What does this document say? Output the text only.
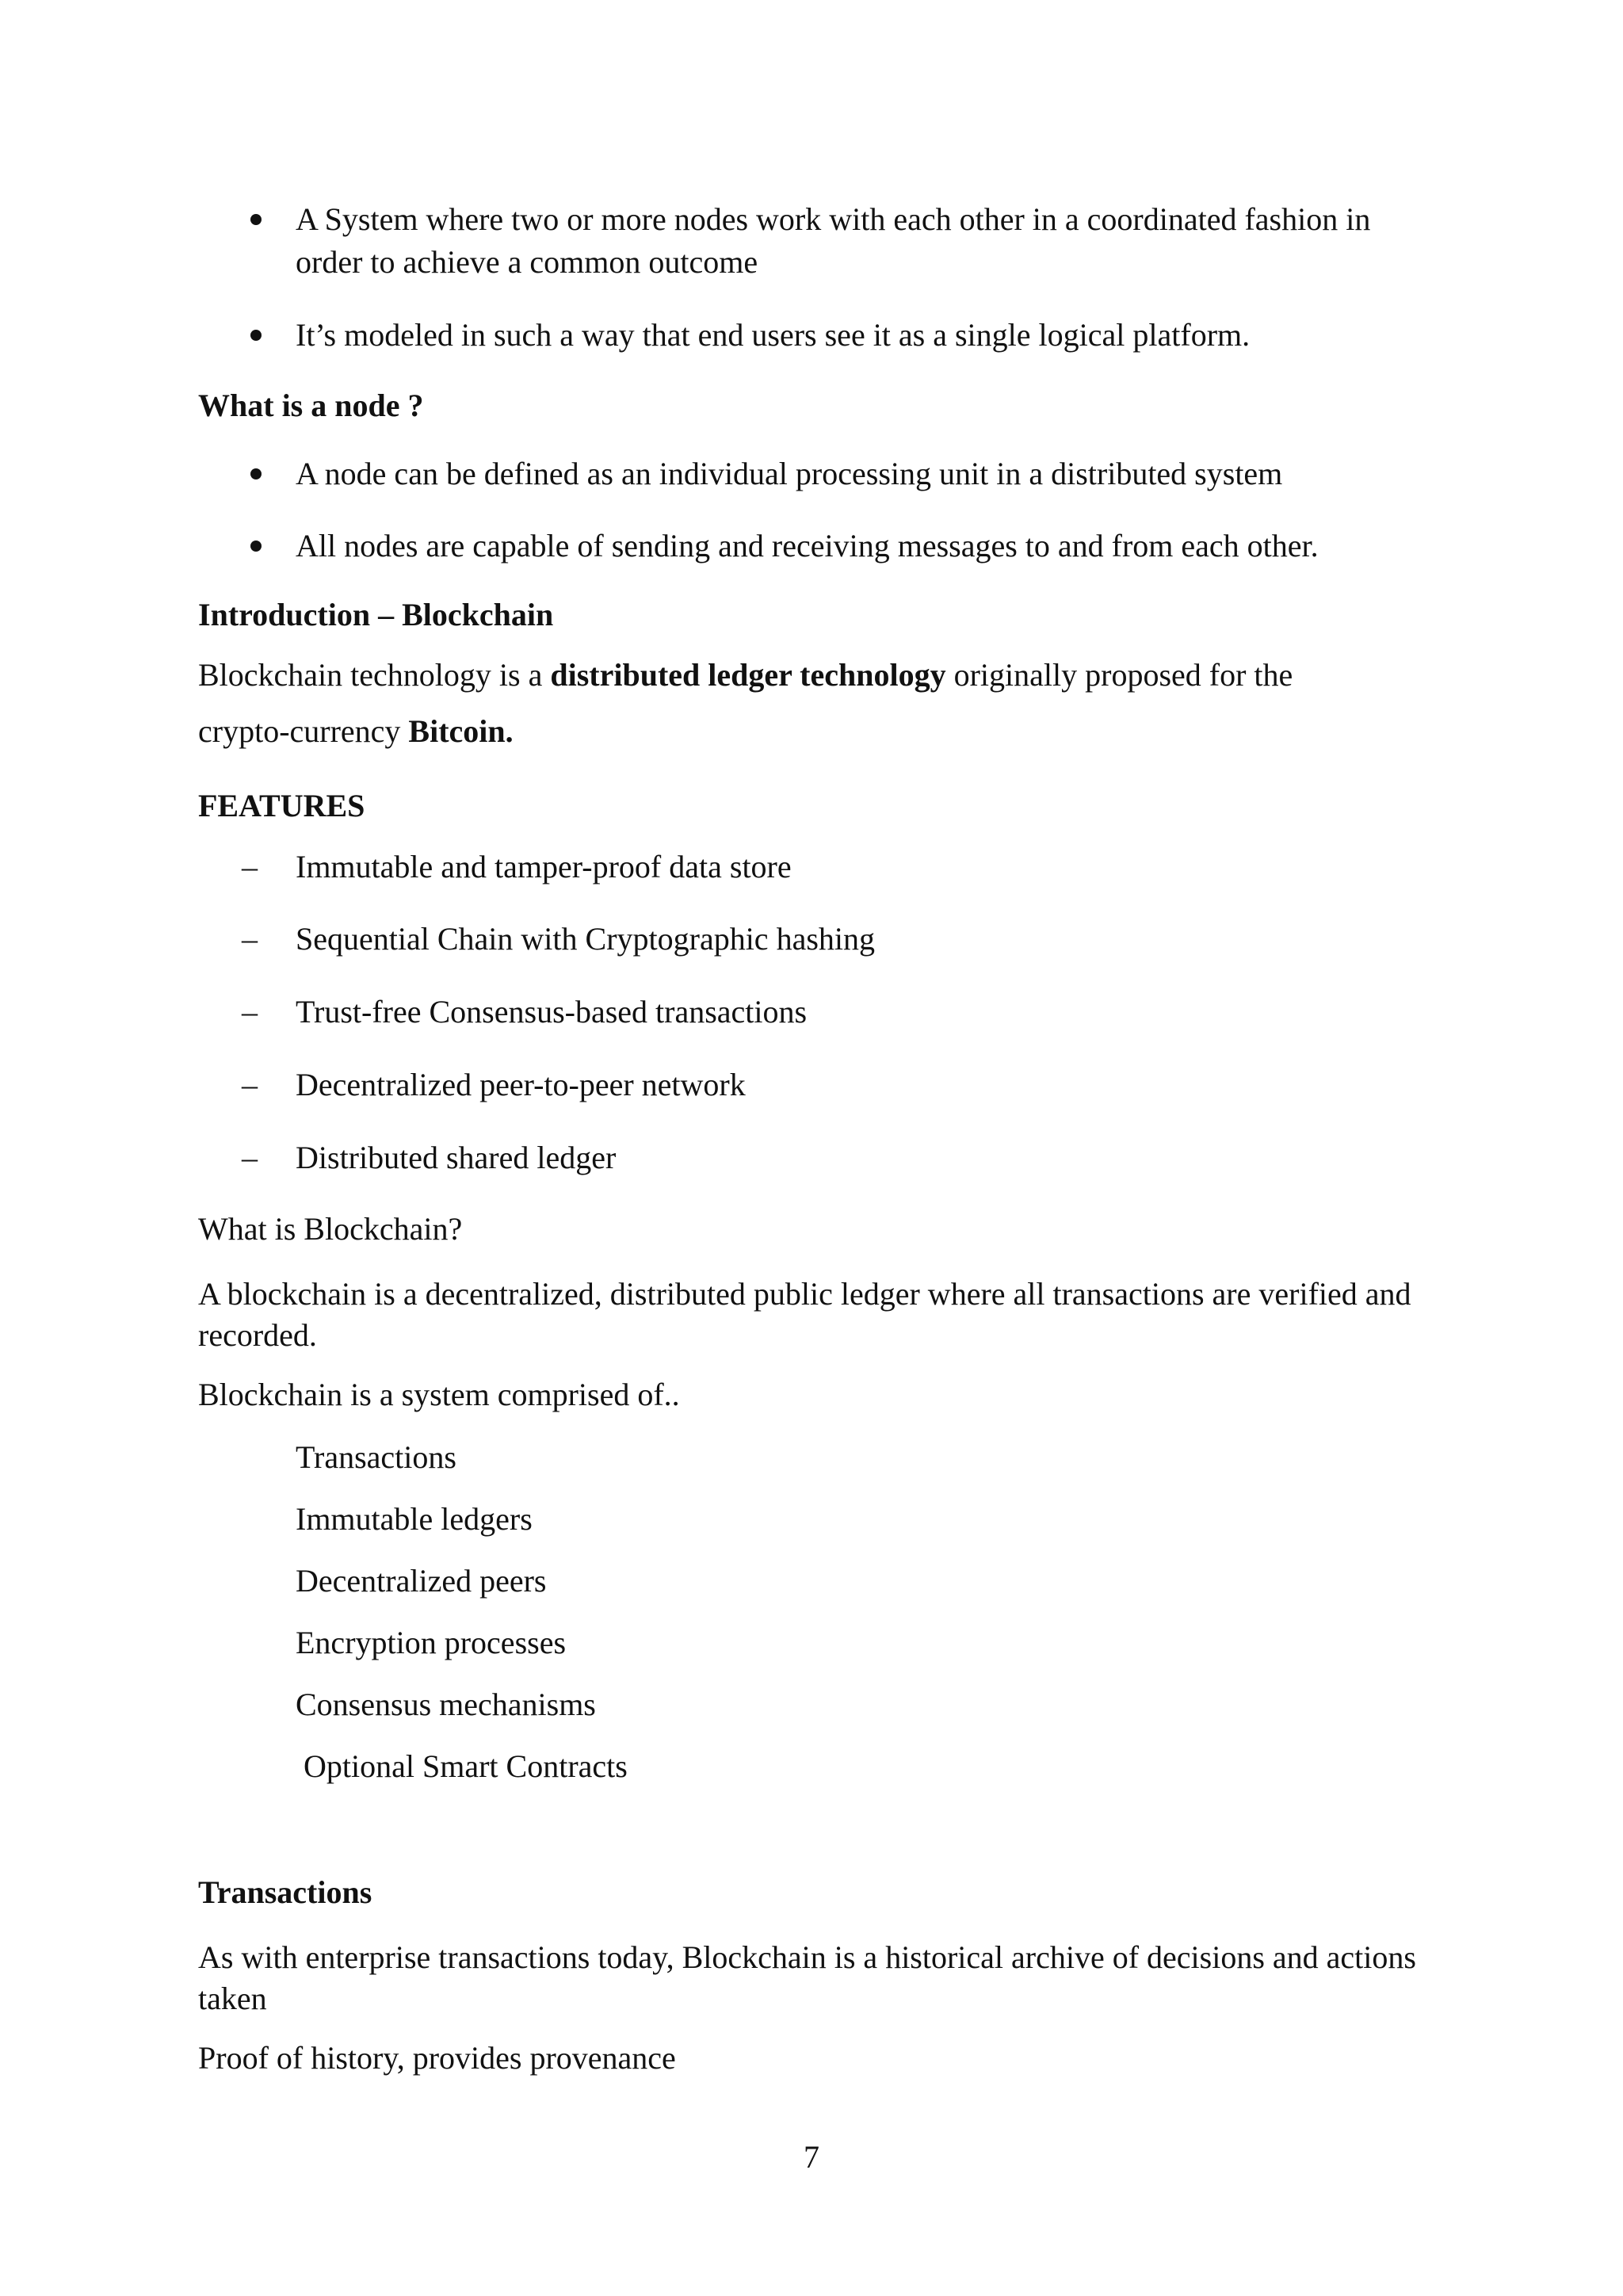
A System where two or more nodes work with each other in a coordinated fashion in order to achieve a common outcome
It’s modeled in such a way that end users see it as a single logical platform.
What is a node ?
A node can be defined as an individual processing unit in a distributed system
All nodes are capable of sending and receiving messages to and from each other.
Introduction – Blockchain
Blockchain technology is a distributed ledger technology originally proposed for the
crypto-currency Bitcoin.
FEATURES
– Immutable and tamper-proof data store
– Sequential Chain with Cryptographic hashing
– Trust-free Consensus-based transactions
– Decentralized peer-to-peer network
– Distributed shared ledger
What is Blockchain?
A blockchain is a decentralized, distributed public ledger where all transactions are verified and recorded.
Blockchain is a system comprised of..
Transactions
Immutable ledgers
Decentralized peers
Encryption processes
Consensus mechanisms
Optional Smart Contracts
Transactions
As with enterprise transactions today, Blockchain is a historical archive of decisions and actions taken
Proof of history, provides provenance
7
